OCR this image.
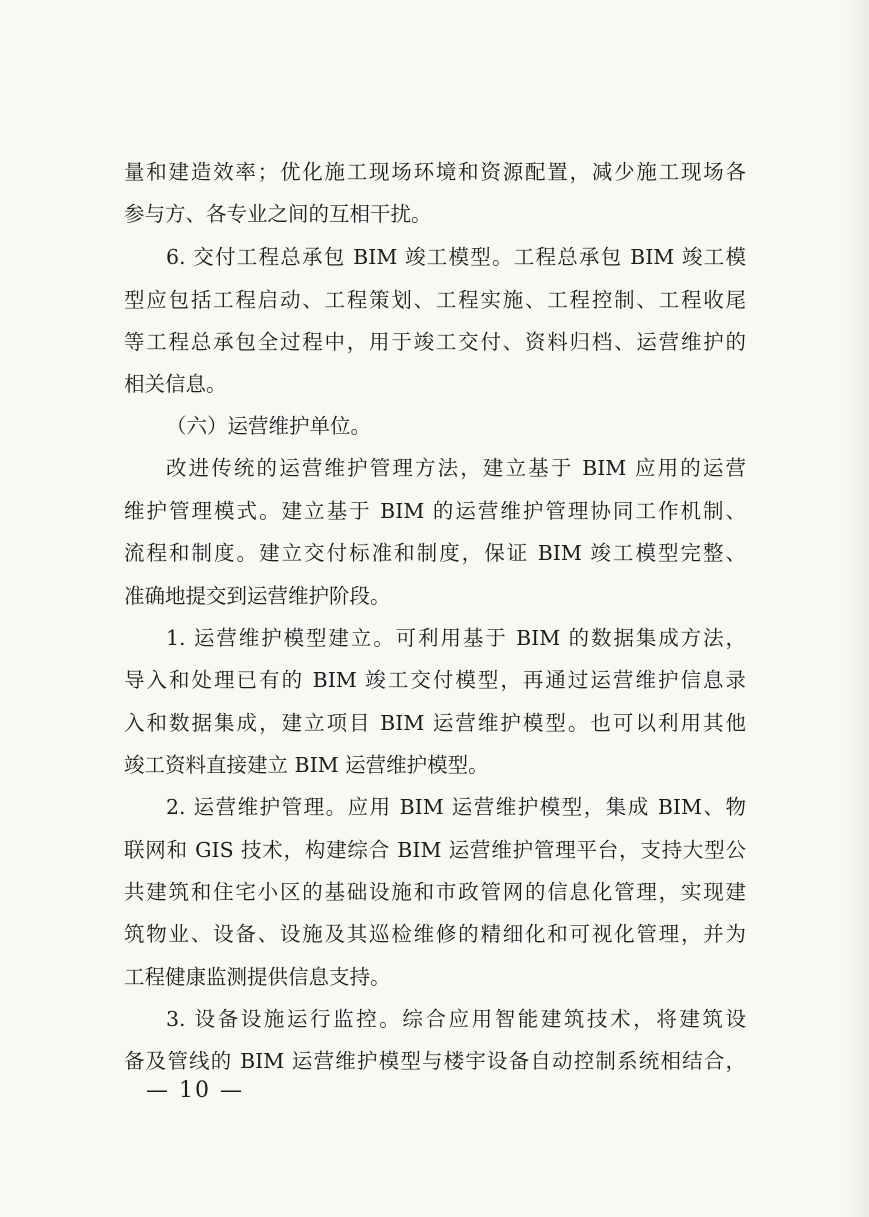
量和建造效率；优化施工现场环境和资源配置，减少施工现场各
参与方、各专业之间的互相干扰。
6. 交付工程总承包 BIM 竣工模型。工程总承包 BIM 竣工模
型应包括工程启动、工程策划、工程实施、工程控制、工程收尾
等工程总承包全过程中，用于竣工交付、资料归档、运营维护的
相关信息。
（六）运营维护单位。
改进传统的运营维护管理方法，建立基于 BIM 应用的运营
维护管理模式。建立基于 BIM 的运营维护管理协同工作机制、
流程和制度。建立交付标准和制度，保证 BIM 竣工模型完整、
准确地提交到运营维护阶段。
1. 运营维护模型建立。可利用基于 BIM 的数据集成方法，
导入和处理已有的 BIM 竣工交付模型，再通过运营维护信息录
入和数据集成，建立项目 BIM 运营维护模型。也可以利用其他
竣工资料直接建立 BIM 运营维护模型。
2. 运营维护管理。应用 BIM 运营维护模型，集成 BIM、物
联网和 GIS 技术，构建综合 BIM 运营维护管理平台，支持大型公
共建筑和住宅小区的基础设施和市政管网的信息化管理，实现建
筑物业、设备、设施及其巡检维修的精细化和可视化管理，并为
工程健康监测提供信息支持。
3. 设备设施运行监控。综合应用智能建筑技术，将建筑设
备及管线的 BIM 运营维护模型与楼宇设备自动控制系统相结合，
— 10 —
